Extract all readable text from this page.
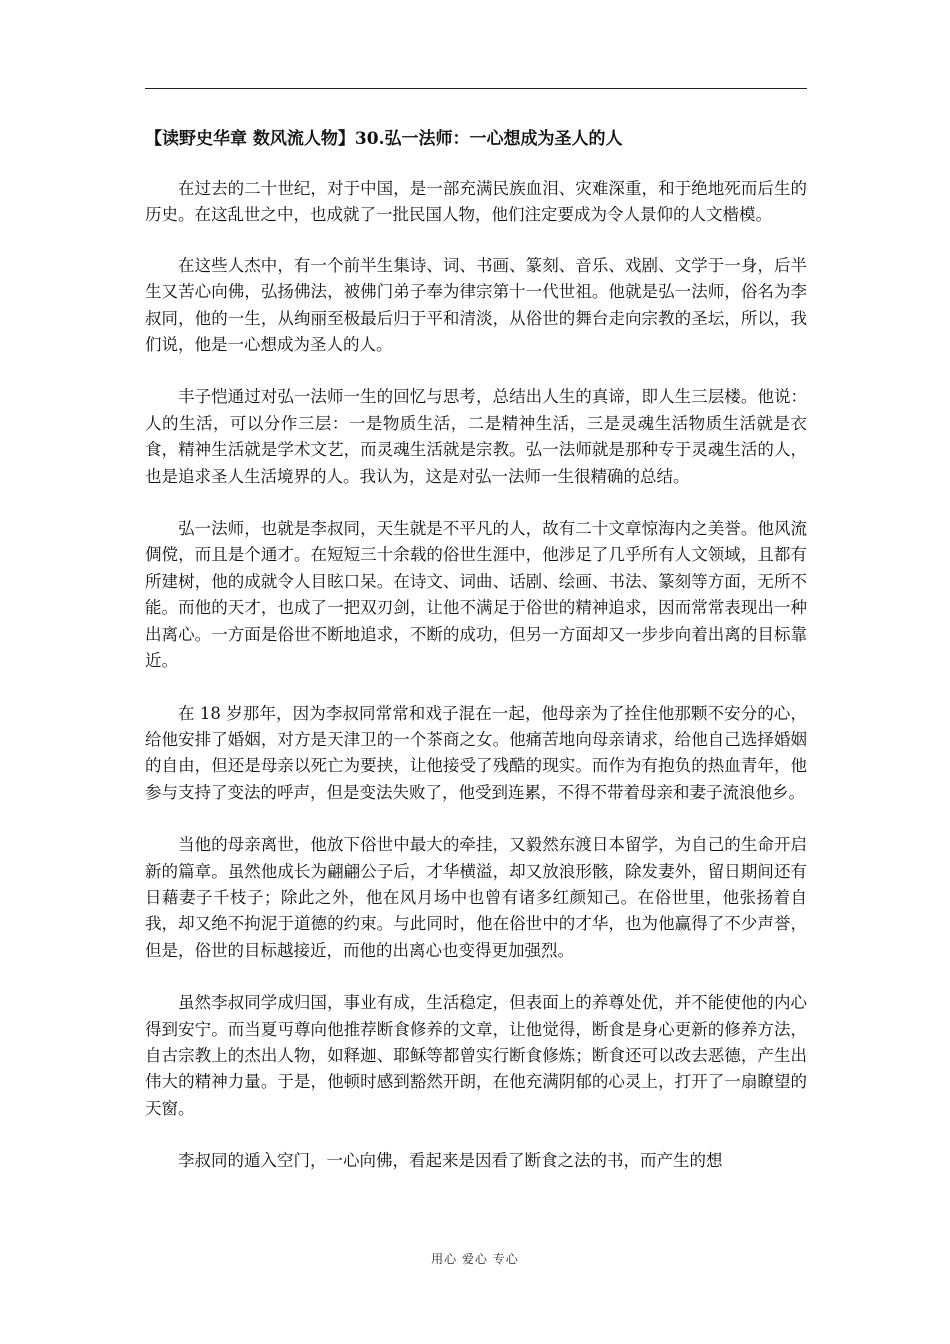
【读野史华章 数风流人物】30.弘一法师：一心想成为圣人的人

在过去的二十世纪，对于中国，是一部充满民族血泪、灾难深重，和于绝地死而后生的历史。在这乱世之中，也成就了一批民国人物，他们注定要成为令人景仰的人文楷模。

在这些人杰中，有一个前半生集诗、词、书画、篆刻、音乐、戏剧、文学于一身，后半生又苦心向佛，弘扬佛法，被佛门弟子奉为律宗第十一代世祖。他就是弘一法师，俗名为李叔同，他的一生，从绚丽至极最后归于平和清淡，从俗世的舞台走向宗教的圣坛，所以，我们说，他是一心想成为圣人的人。

丰子恺通过对弘一法师一生的回忆与思考，总结出人生的真谛，即人生三层楼。他说：人的生活，可以分作三层：一是物质生活，二是精神生活，三是灵魂生活物质生活就是衣食，精神生活就是学术文艺，而灵魂生活就是宗教。弘一法师就是那种专于灵魂生活的人，也是追求圣人生活境界的人。我认为，这是对弘一法师一生很精确的总结。

弘一法师，也就是李叔同，天生就是不平凡的人，故有二十文章惊海内之美誉。他风流倜傥，而且是个通才。在短短三十余载的俗世生涯中，他涉足了几乎所有人文领域，且都有所建树，他的成就令人目眩口呆。在诗文、词曲、话剧、绘画、书法、篆刻等方面，无所不能。而他的天才，也成了一把双刃剑，让他不满足于俗世的精神追求，因而常常表现出一种出离心。一方面是俗世不断地追求，不断的成功，但另一方面却又一步步向着出离的目标靠近。

在 18 岁那年，因为李叔同常常和戏子混在一起，他母亲为了拴住他那颗不安分的心，给他安排了婚姻，对方是天津卫的一个茶商之女。他痛苦地向母亲请求，给他自己选择婚姻的自由，但还是母亲以死亡为要挟，让他接受了残酷的现实。而作为有抱负的热血青年，他参与支持了变法的呼声，但是变法失败了，他受到连累，不得不带着母亲和妻子流浪他乡。

当他的母亲离世，他放下俗世中最大的牵挂，又毅然东渡日本留学，为自己的生命开启新的篇章。虽然他成长为翩翩公子后，才华横溢，却又放浪形骸，除发妻外，留日期间还有日藉妻子千枝子；除此之外，他在风月场中也曾有诸多红颜知己。在俗世里，他张扬着自我，却又绝不拘泥于道德的约束。与此同时，他在俗世中的才华，也为他赢得了不少声誉，但是，俗世的目标越接近，而他的出离心也变得更加强烈。

虽然李叔同学成归国，事业有成，生活稳定，但表面上的养尊处优，并不能使他的内心得到安宁。而当夏丏尊向他推荐断食修养的文章，让他觉得，断食是身心更新的修养方法，自古宗教上的杰出人物，如释迦、耶稣等都曾实行断食修炼；断食还可以改去恶德，产生出伟大的精神力量。于是，他顿时感到豁然开朗，在他充满阴郁的心灵上，打开了一扇瞭望的天窗。

李叔同的遁入空门，一心向佛，看起来是因看了断食之法的书，而产生的想

用心 爱心 专心
